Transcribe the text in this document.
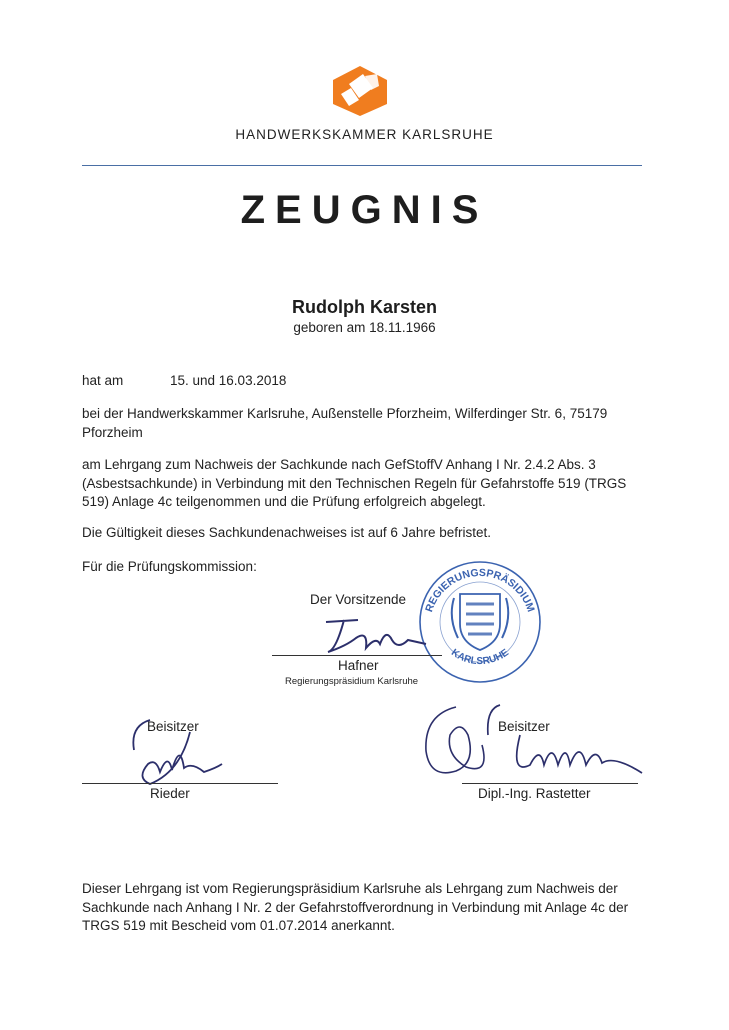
HANDWERKSKAMMER KARLSRUHE
ZEUGNIS
Rudolph Karsten
geboren am 18.11.1966
hat am	15. und 16.03.2018
bei der Handwerkskammer Karlsruhe, Außenstelle Pforzheim, Wilferdinger Str. 6, 75179 Pforzheim
am Lehrgang zum Nachweis der Sachkunde nach GefStoffV Anhang I Nr. 2.4.2 Abs. 3 (Asbestsachkunde) in Verbindung mit den Technischen Regeln für Gefahrstoffe 519 (TRGS 519) Anlage 4c teilgenommen und die Prüfung erfolgreich abgelegt.
Die Gültigkeit dieses Sachkundenachweises ist auf 6 Jahre befristet.
Für die Prüfungskommission:
REGIERUNGSPRÄSIDIUM
KARLSRUHE
Der Vorsitzende
Hafner
Regierungspräsidium Karlsruhe
Beisitzer
Rieder
Beisitzer
Dipl.-Ing. Rastetter
Dieser Lehrgang ist vom Regierungspräsidium Karlsruhe als Lehrgang zum Nachweis der Sachkunde nach Anhang I Nr. 2 der Gefahrstoffverordnung in Verbindung mit Anlage 4c der TRGS 519 mit Bescheid vom 01.07.2014 anerkannt.
